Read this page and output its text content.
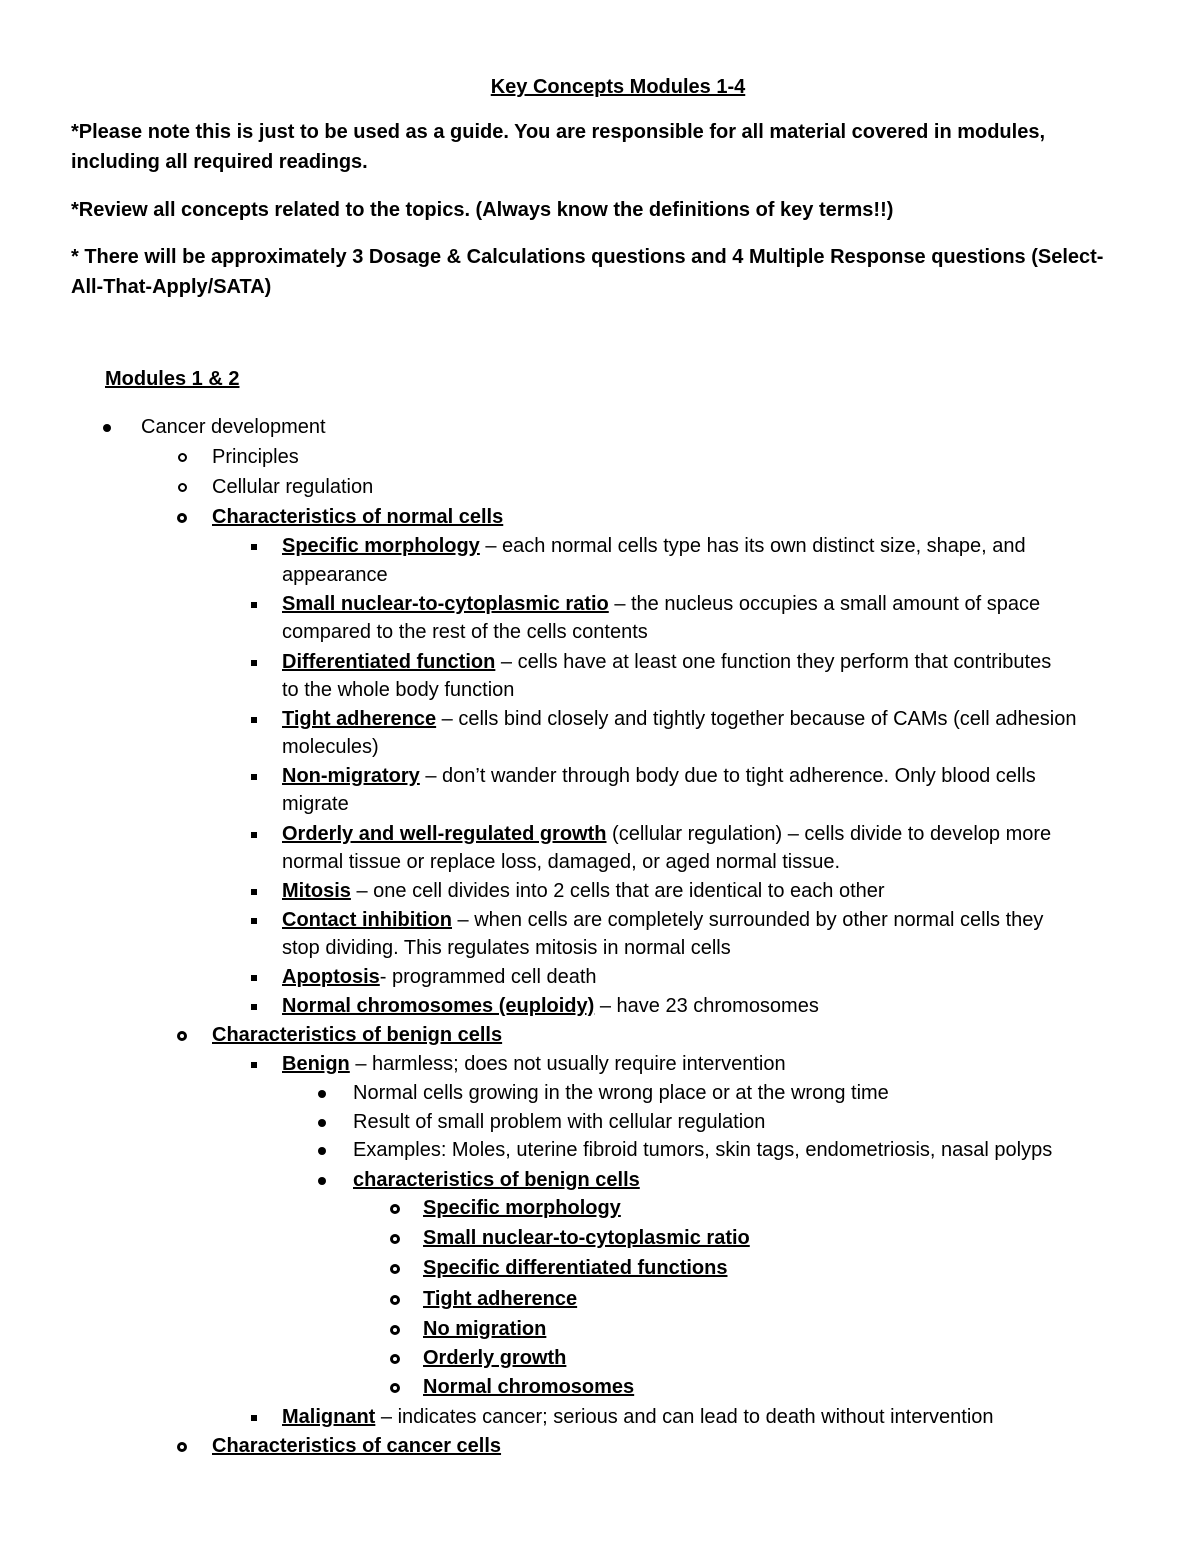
Key Concepts Modules 1-4
*Please note this is just to be used as a guide. You are responsible for all material covered in modules,
including all required readings.
*Review all concepts related to the topics. (Always know the definitions of key terms!!)
* There will be approximately 3 Dosage & Calculations questions and 4 Multiple Response questions (Select-
All-That-Apply/SATA)
Modules 1 & 2
Cancer development
Principles
Cellular regulation
Characteristics of normal cells
Specific morphology – each normal cells type has its own distinct size, shape, and
appearance
Small nuclear-to-cytoplasmic ratio – the nucleus occupies a small amount of space
compared to the rest of the cells contents
Differentiated function – cells have at least one function they perform that contributes
to the whole body function
Tight adherence – cells bind closely and tightly together because of CAMs (cell adhesion
molecules)
Non-migratory – don’t wander through body due to tight adherence. Only blood cells
migrate
Orderly and well-regulated growth (cellular regulation) – cells divide to develop more
normal tissue or replace loss, damaged, or aged normal tissue.
Mitosis – one cell divides into 2 cells that are identical to each other
Contact inhibition – when cells are completely surrounded by other normal cells they
stop dividing. This regulates mitosis in normal cells
Apoptosis- programmed cell death
Normal chromosomes (euploidy) – have 23 chromosomes
Characteristics of benign cells
Benign – harmless; does not usually require intervention
Normal cells growing in the wrong place or at the wrong time
Result of small problem with cellular regulation
Examples: Moles, uterine fibroid tumors, skin tags, endometriosis, nasal polyps
characteristics of benign cells
Specific morphology
Small nuclear-to-cytoplasmic ratio
Specific differentiated functions
Tight adherence
No migration
Orderly growth
Normal chromosomes
Malignant – indicates cancer; serious and can lead to death without intervention
Characteristics of cancer cells
